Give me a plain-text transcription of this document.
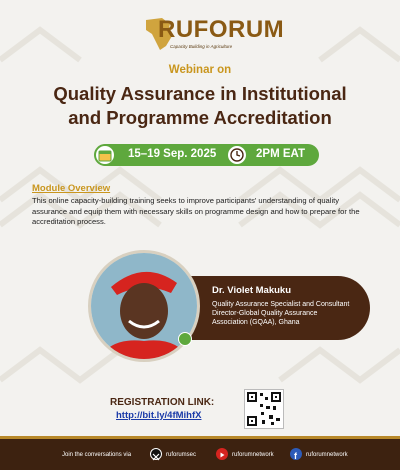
RUFORUM
Capacity Building in Agriculture
Webinar on
Quality Assurance in Institutional
and Programme Accreditation
15–19 Sep. 2025	2PM EAT
Module Overview

This online capacity-building training seeks to improve participants' understanding of quality assurance and equip them with necessary skills on programme design and how to prepare for the accreditation process.

Dr. Violet Makuku
Quality Assurance Specialist and Consultant
Director-Global Quality Assurance Association (GQAA), Ghana
REGISTRATION LINK:
http://bit.ly/4fMihfX
Join the conversations via	ruforumsec	ruforumnetwork f ruforumnetwork
